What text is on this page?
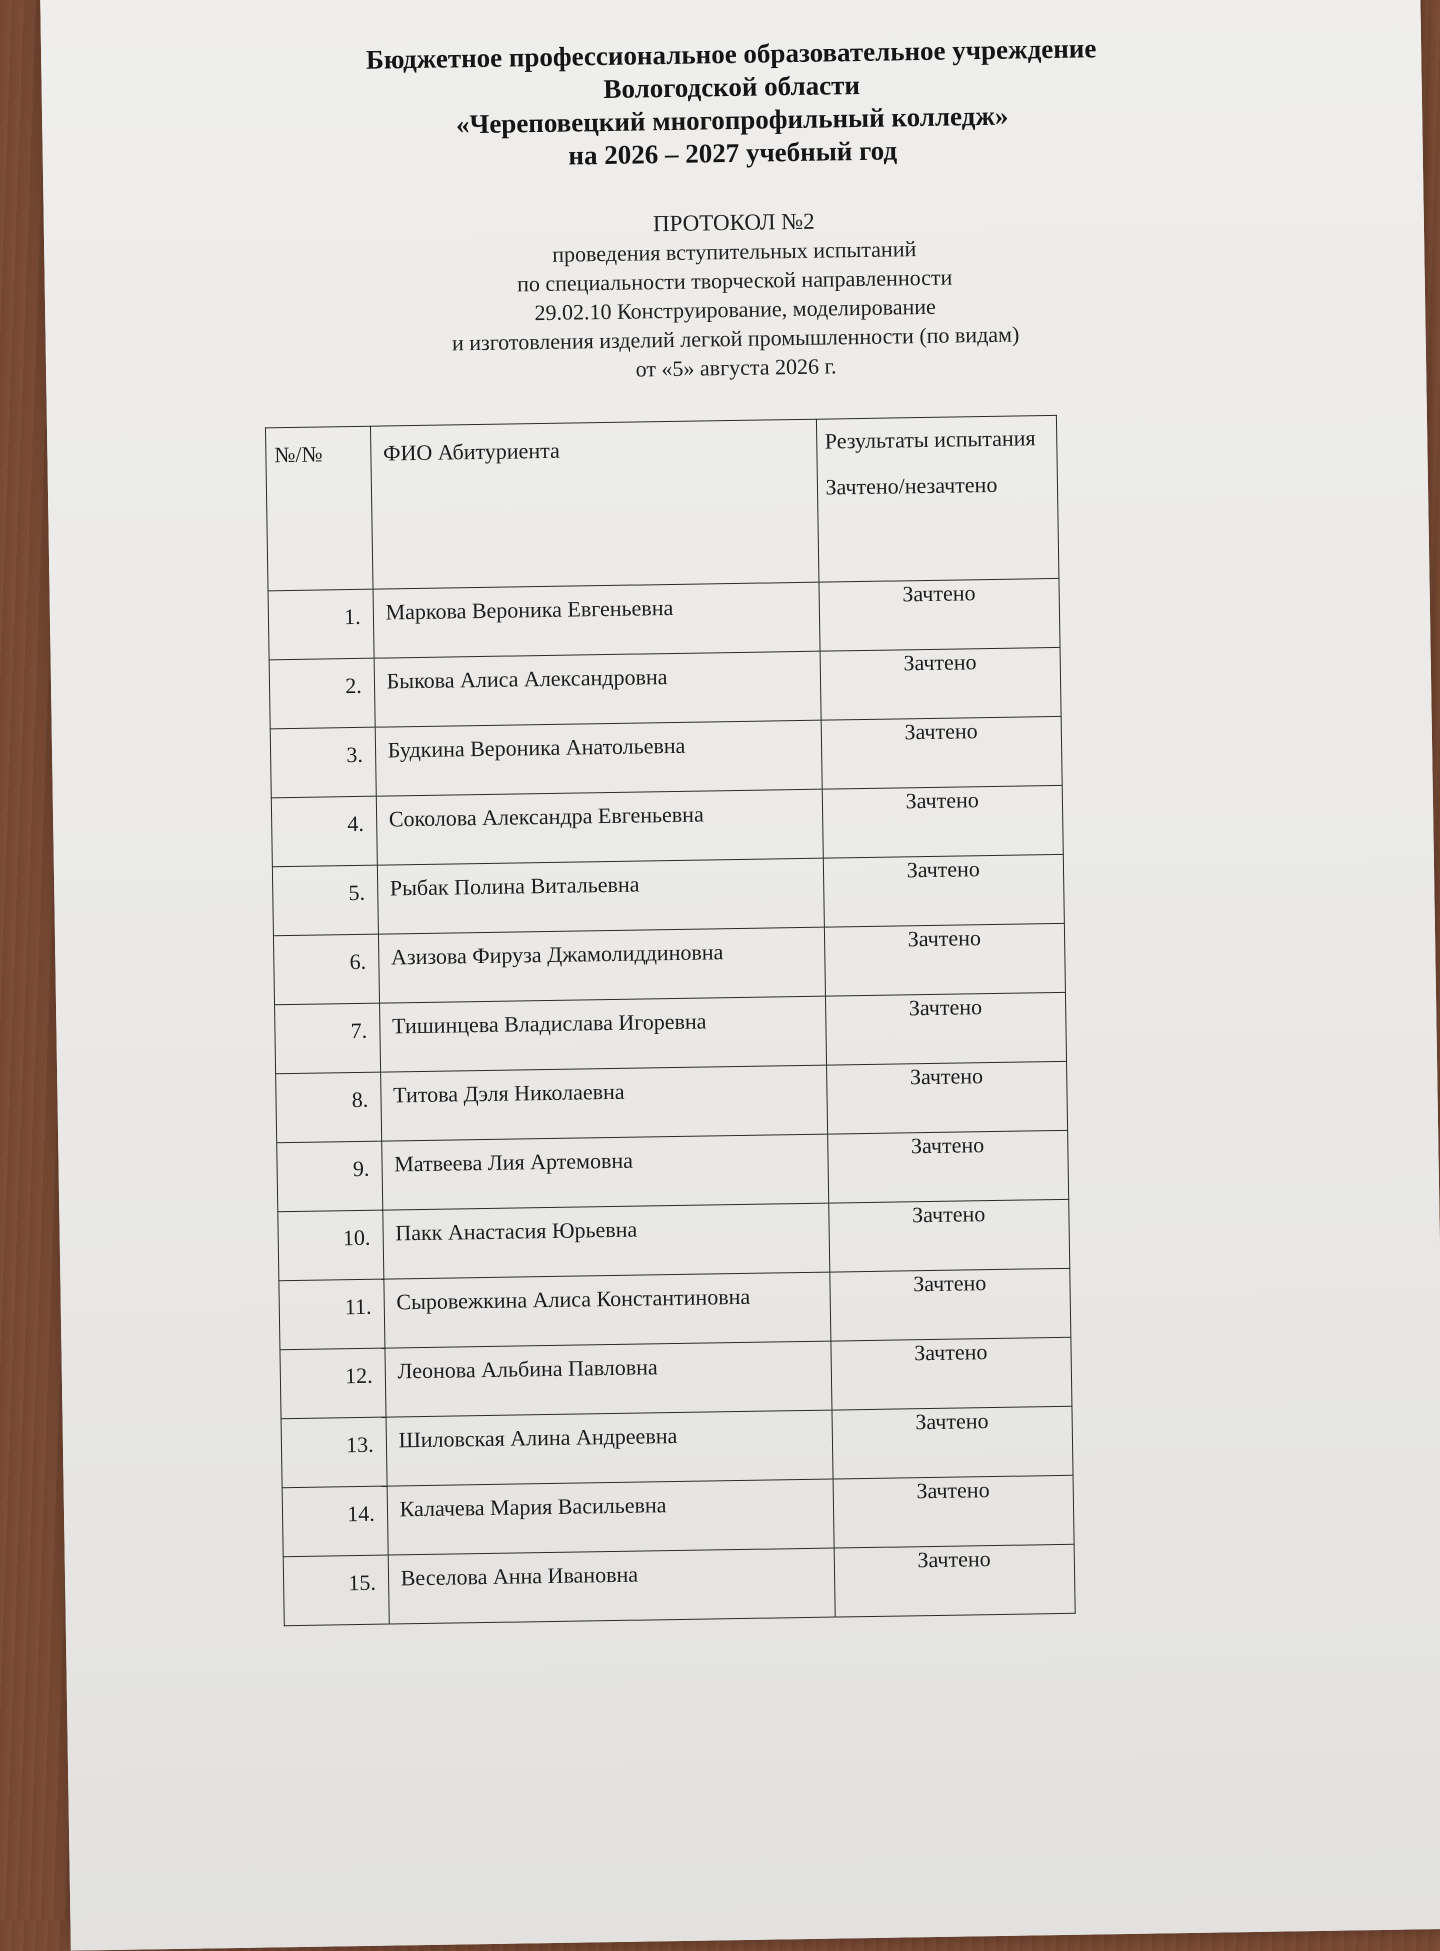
Бюджетное профессиональное образовательное учреждение

Вологодской области

«Череповецкий многопрофильный колледж»

на 2026 – 2027 учебный год

ПРОТОКОЛ №2

проведения вступительных испытаний

по специальности творческой направленности

29.02.10 Конструирование, моделирование

и изготовления изделий легкой промышленности (по видам)

от «5» августа 2026 г.

№/№	ФИО Абитуриента	Результаты испытания
Зачтено/незачтено
1.	Маркова Вероника Евгеньевна	Зачтено
2.	Быкова Алиса Александровна	Зачтено
3.	Будкина Вероника Анатольевна	Зачтено
4.	Соколова Александра Евгеньевна	Зачтено
5.	Рыбак Полина Витальевна	Зачтено
6.	Азизова Фируза Джамолиддиновна	Зачтено
7.	Тишинцева Владислава Игоревна	Зачтено
8.	Титова Дэля Николаевна	Зачтено
9.	Матвеева Лия Артемовна	Зачтено
10.	Пакк Анастасия Юрьевна	Зачтено
11.	Сыровежкина Алиса Константиновна	Зачтено
12.	Леонова Альбина Павловна	Зачтено
13.	Шиловская Алина Андреевна	Зачтено
14.	Калачева Мария Васильевна	Зачтено
15.	Веселова Анна Ивановна	Зачтено
